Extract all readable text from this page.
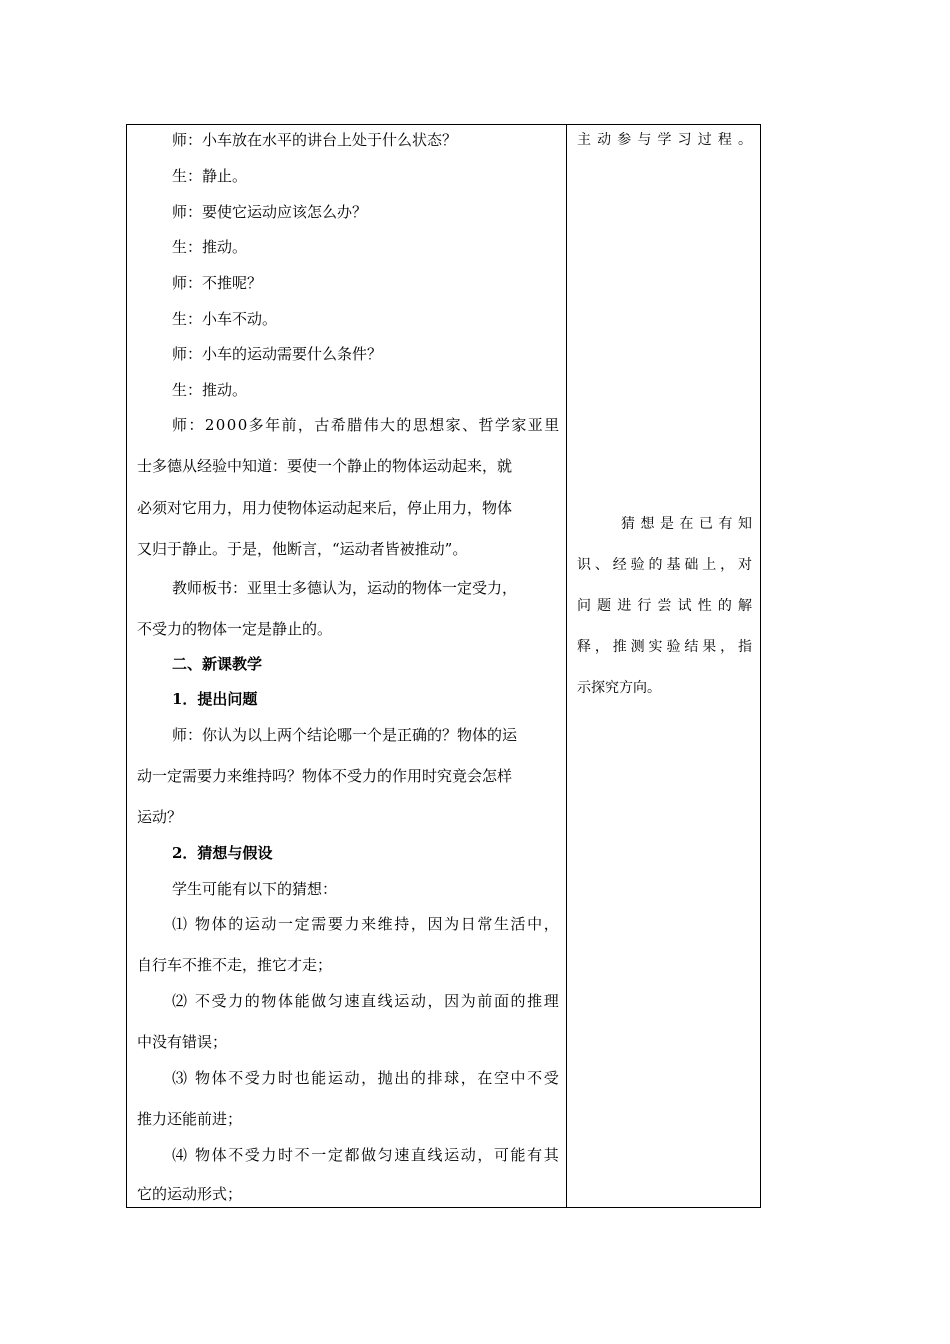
师：小车放在水平的讲台上处于什么状态？
生：静止。
师：要使它运动应该怎么办？
生：推动。
师：不推呢？
生：小车不动。
师：小车的运动需要什么条件？
生：推动。
师：2000多年前，古希腊伟大的思想家、哲学家亚里
士多德从经验中知道：要使一个静止的物体运动起来，就
必须对它用力，用力使物体运动起来后，停止用力，物体
又归于静止。于是，他断言，“运动者皆被推动”。
教师板书：亚里士多德认为，运动的物体一定受力，
不受力的物体一定是静止的。
二、新课教学
1．提出问题
师：你认为以上两个结论哪一个是正确的？物体的运
动一定需要力来维持吗？物体不受力的作用时究竟会怎样
运动？
2．猜想与假设
学生可能有以下的猜想：
⑴ 物体的运动一定需要力来维持，因为日常生活中，
自行车不推不走，推它才走；
⑵ 不受力的物体能做匀速直线运动，因为前面的推理
中没有错误；
⑶ 物体不受力时也能运动，抛出的排球，在空中不受
推力还能前进；
⑷ 物体不受力时不一定都做匀速直线运动，可能有其
它的运动形式；
主动参与学习过程。
猜想是在已有知
识、经验的基础上，对
问题进行尝试性的解
释，推测实验结果，指
示探究方向。
